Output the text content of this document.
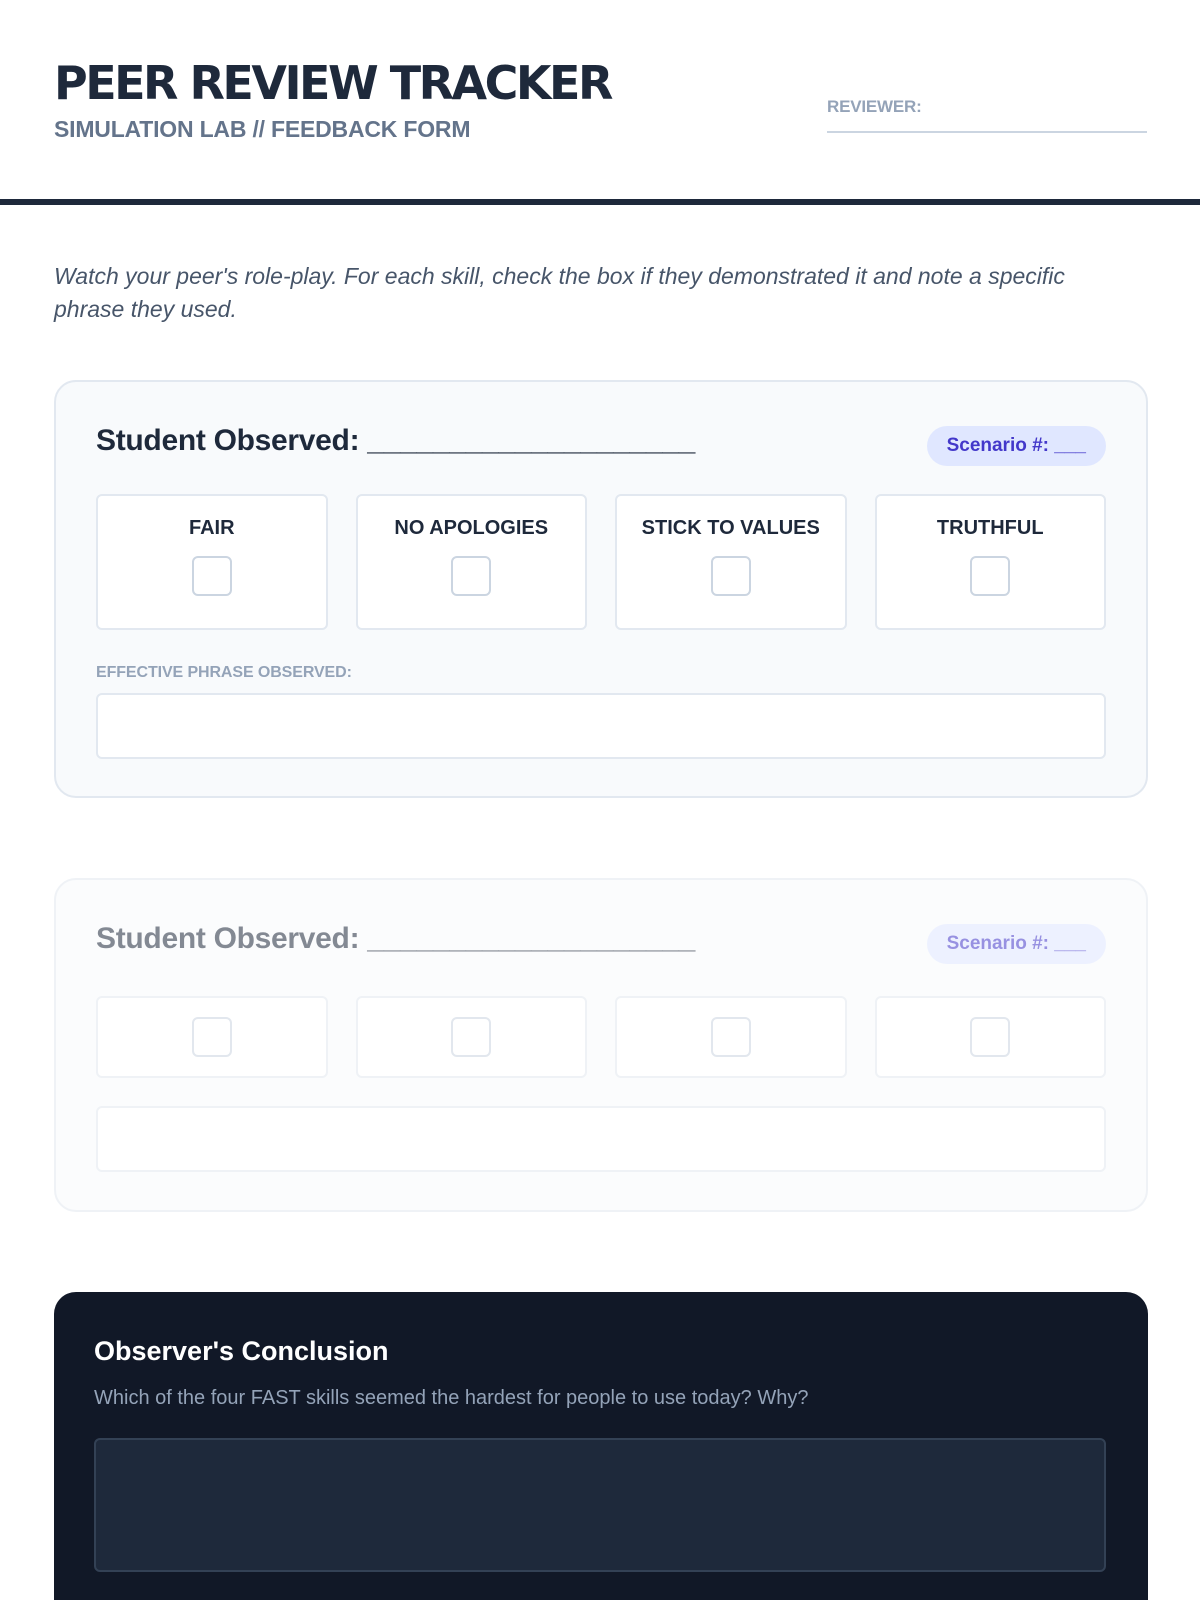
PEER REVIEW TRACKER
SIMULATION LAB // FEEDBACK FORM
REVIEWER:

Watch your peer's role-play. For each skill, check the box if they demonstrated it and note a specific phrase they used.

Student Observed: ____________________	Scenario #: ___
FAIR	NO APOLOGIES	STICK TO VALUES	TRUTHFUL
EFFECTIVE PHRASE OBSERVED:
Student Observed: ____________________	Scenario #: ___
Observer's Conclusion
Which of the four FAST skills seemed the hardest for people to use today? Why?
